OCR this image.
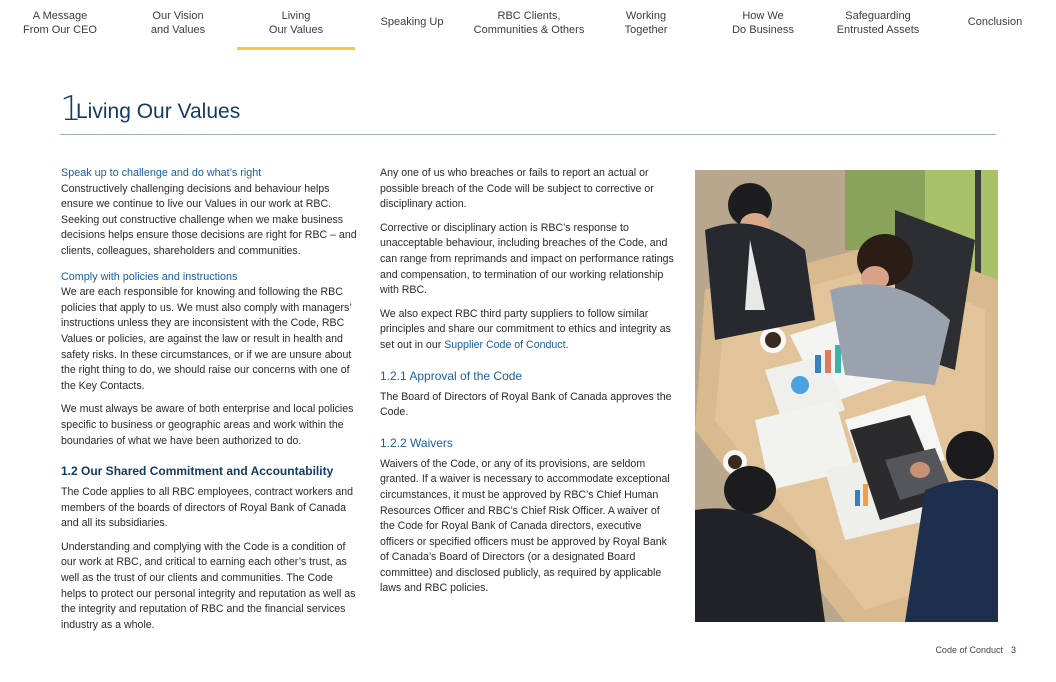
A Message
From Our CEO
Our Vision
and Values
Living
Our Values
Speaking Up
RBC Clients,
Communities & Others
Working
Together
How We
Do Business
Safeguarding
Entrusted Assets
Conclusion
1
Living Our Values

Speak up to challenge and do what’s right

Constructively challenging decisions and behaviour helps ensure we continue to live our Values in our work at RBC. Seeking out constructive challenge when we make business decisions helps ensure those decisions are right for RBC – and clients, colleagues, shareholders and communities.

Comply with policies and instructions

We are each responsible for knowing and following the RBC policies that apply to us. We must also comply with managers’ instructions unless they are inconsistent with the Code, RBC Values or policies, are against the law or result in health and safety risks. In these circumstances, or if we are unsure about the right thing to do, we should raise our concerns with one of the Key Contacts.

We must always be aware of both enterprise and local policies specific to business or geographic areas and work within the boundaries of what we have been authorized to do.

1.2 Our Shared Commitment and Accountability

The Code applies to all RBC employees, contract workers and members of the boards of directors of Royal Bank of Canada and all its subsidiaries.

Understanding and complying with the Code is a condition of our work at RBC, and critical to earning each other’s trust, as well as the trust of our clients and communities. The Code helps to protect our personal integrity and reputation as well as the integrity and reputation of RBC and the financial services industry as a whole.

Any one of us who breaches or fails to report an actual or possible breach of the Code will be subject to corrective or disciplinary action.

Corrective or disciplinary action is RBC’s response to unacceptable behaviour, including breaches of the Code, and can range from reprimands and impact on performance ratings and compensation, to termination of our working relationship with RBC.

We also expect RBC third party suppliers to follow similar principles and share our commitment to ethics and integrity as set out in our Supplier Code of Conduct.

1.2.1 Approval of the Code

The Board of Directors of Royal Bank of Canada approves the Code.

1.2.2 Waivers

Waivers of the Code, or any of its provisions, are seldom granted. If a waiver is necessary to accommodate exceptional circumstances, it must be approved by RBC’s Chief Human Resources Officer and RBC’s Chief Risk Officer. A waiver of the Code for Royal Bank of Canada directors, executive officers or specified officers must be approved by Royal Bank of Canada’s Board of Directors (or a designated Board committee) and disclosed publicly, as required by applicable laws and RBC policies.

Code of Conduct 3
